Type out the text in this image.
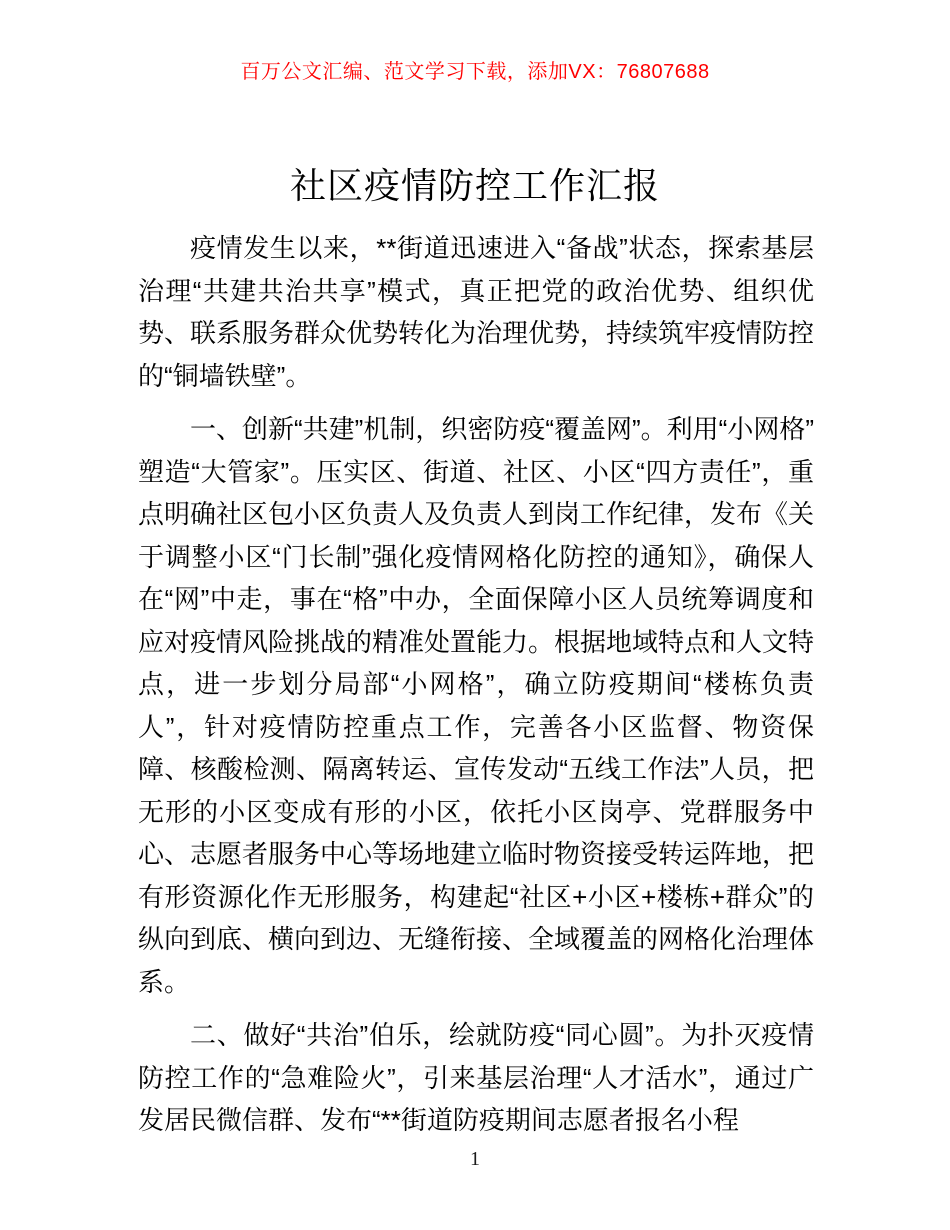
百万公文汇编、范文学习下载，添加VX：76807688
社区疫情防控工作汇报

疫情发生以来，**街道迅速进入“备战”状态，探索基层治理“共建共治共享”模式，真正把党的政治优势、组织优势、联系服务群众优势转化为治理优势，持续筑牢疫情防控的“铜墙铁壁”。

一、创新“共建”机制，织密防疫“覆盖网”。利用“小网格”塑造“大管家”。压实区、街道、社区、小区“四方责任”，重点明确社区包小区负责人及负责人到岗工作纪律，发布《关于调整小区“门长制”强化疫情网格化防控的通知》，确保人在“网”中走，事在“格”中办，全面保障小区人员统筹调度和应对疫情风险挑战的精准处置能力。根据地域特点和人文特点，进一步划分局部“小网格”，确立防疫期间“楼栋负责人”，针对疫情防控重点工作，完善各小区监督、物资保障、核酸检测、隔离转运、宣传发动“五线工作法”人员，把无形的小区变成有形的小区，依托小区岗亭、党群服务中心、志愿者服务中心等场地建立临时物资接受转运阵地，把有形资源化作无形服务，构建起“社区+小区+楼栋+群众”的纵向到底、横向到边、无缝衔接、全域覆盖的网格化治理体系。

二、做好“共治”伯乐，绘就防疫“同心圆”。为扑灭疫情防控工作的“急难险火”，引来基层治理“人才活水”，通过广发居民微信群、发布“**街道防疫期间志愿者报名小程

1
